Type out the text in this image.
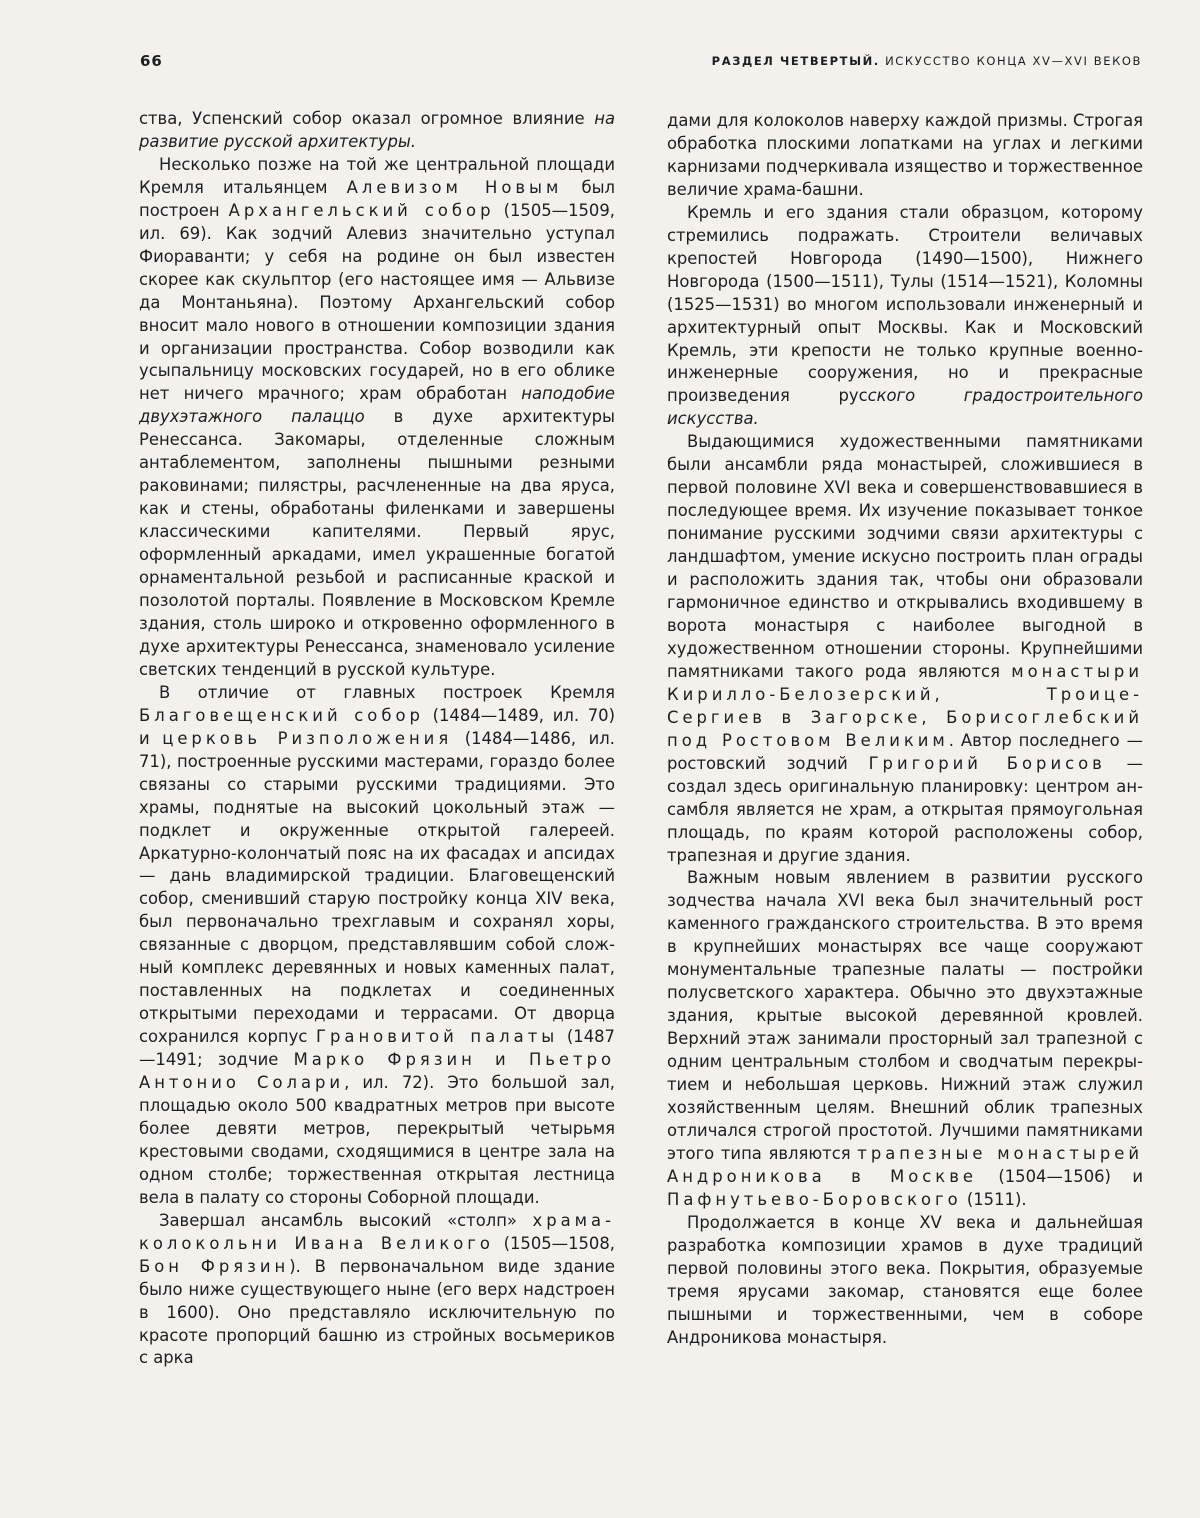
66	РАЗДЕЛ ЧЕТВЕРТЫЙ. ИСКУССТВО КОНЦА XV—XVI ВЕКОВ

ства, Успенский собор оказал огромное влияние на развитие русской архитектуры.

Несколько позже на той же центральной площади Кремля итальянцем Алевизом Новым был построен Архангельский собор (1505—1509, ил. 69). Как зодчий Алевиз значительно уступал Фиораванти; у себя на родине он был известен скорее как скульптор (его настоящее имя — Альвизе да Монтаньяна). Поэтому Архангельский собор вносит мало нового в отношении композиции здания и организации пространства. Собор возводили как усыпальницу московских государей, но в его облике нет ничего мрачного; храм обработан наподобие двухэтажного палаццо в духе архитектуры Ренессанса. Закомары, отделенные сложным антаблементом, заполнены пышными резными раковинами; пилястры, расчлененные на два яруса, как и стены, обработаны филенками и завершены классическими капителями. Первый ярус, оформленный аркадами, имел украшенные богатой орнаментальной резьбой и расписанные краской и позолотой порталы. Появление в Московском Кремле здания, столь широко и откровенно оформленного в духе архитектуры Ренессанса, знаменовало усиление светских тенденций в русской культуре.

В отличие от главных построек Кремля Благовещенский собор (1484—1489, ил. 70) и церковь Ризположения (1484—1486, ил. 71), построенные русскими мастерами, гораздо более связаны со старыми русскими традициями. Это храмы, поднятые на высокий цокольный этаж — подклет и окруженные открытой галереей. Аркатурно-колончатый пояс на их фасадах и апсидах — дань владимирской традиции. Благовещенский собор, сменивший старую постройку конца XIV века, был первоначально трехглавым и сохранял хоры, связанные с дворцом, представлявшим собой сложный комплекс деревянных и новых каменных палат, поставленных на подклетах и соединенных открытыми переходами и террасами. От дворца сохранился корпус Грановитой палаты (1487—1491; зодчие Марко Фрязин и Пьетро Антонио Солари, ил. 72). Это большой зал, площадью около 500 квадратных метров при высоте более девяти метров, перекрытый четырьмя крестовыми сводами, сходящимися в центре зала на одном столбе; торжественная открытая лестница вела в палату со стороны Соборной площади.

Завершал ансамбль высокий «столп» храма-колокольни Ивана Великого (1505—1508, Бон Фрязин). В первоначальном виде здание было ниже существующего ныне (его верх надстроен в 1600). Оно представляло исключительную по красоте пропорций башню из стройных восьмериков с арка

дами для колоколов наверху каждой призмы. Строгая обработка плоскими лопатками на углах и легкими карнизами подчеркивала изящество и торжественное величие храма-башни.

Кремль и его здания стали образцом, которому стремились подражать. Строители величавых крепостей Новгорода (1490—1500), Нижнего Новгорода (1500—1511), Тулы (1514—1521), Коломны (1525—1531) во многом использовали инженерный и архитектурный опыт Москвы. Как и Московский Кремль, эти крепости не только крупные военно-инженерные сооружения, но и прекрасные произведения русского градостроительного искусства.

Выдающимися художественными памятниками были ансамбли ряда монастырей, сложившиеся в первой половине XVI века и совершенствовавшиеся в последующее время. Их изучение показывает тонкое понимание русскими зодчими связи архитектуры с ландшафтом, умение искусно построить план ограды и расположить здания так, чтобы они образовали гармоничное единство и открывались входившему в ворота монастыря с наиболее выгодной в художественном отношении стороны. Крупнейшими памятниками такого рода являются монастыри Кирилло-Белозерский, Троице-Сергиев в Загорске, Борисоглебский под Ростовом Великим. Автор последнего — ростовский зодчий Григорий Борисов — создал здесь оригинальную планировку: центром ансамбля является не храм, а открытая прямоугольная площадь, по краям которой расположены собор, трапезная и другие здания.

Важным новым явлением в развитии русского зодчества начала XVI века был значительный рост каменного гражданского строительства. В это время в крупнейших монастырях все чаще сооружают монументальные трапезные палаты — постройки полусветского характера. Обычно это двухэтажные здания, крытые высокой деревянной кровлей. Верхний этаж занимали просторный зал трапезной с одним центральным столбом и сводчатым перекрытием и небольшая церковь. Нижний этаж служил хозяйственным целям. Внешний облик трапезных отличался строгой простотой. Лучшими памятниками этого типа являются трапезные монастырей Андроникова в Москве (1504—1506) и Пафнутьево-Боровского (1511).

Продолжается в конце XV века и дальнейшая разработка композиции храмов в духе традиций первой половины этого века. Покрытия, образуемые тремя ярусами закомар, становятся еще более пышными и торжественными, чем в соборе Андроникова монастыря.
